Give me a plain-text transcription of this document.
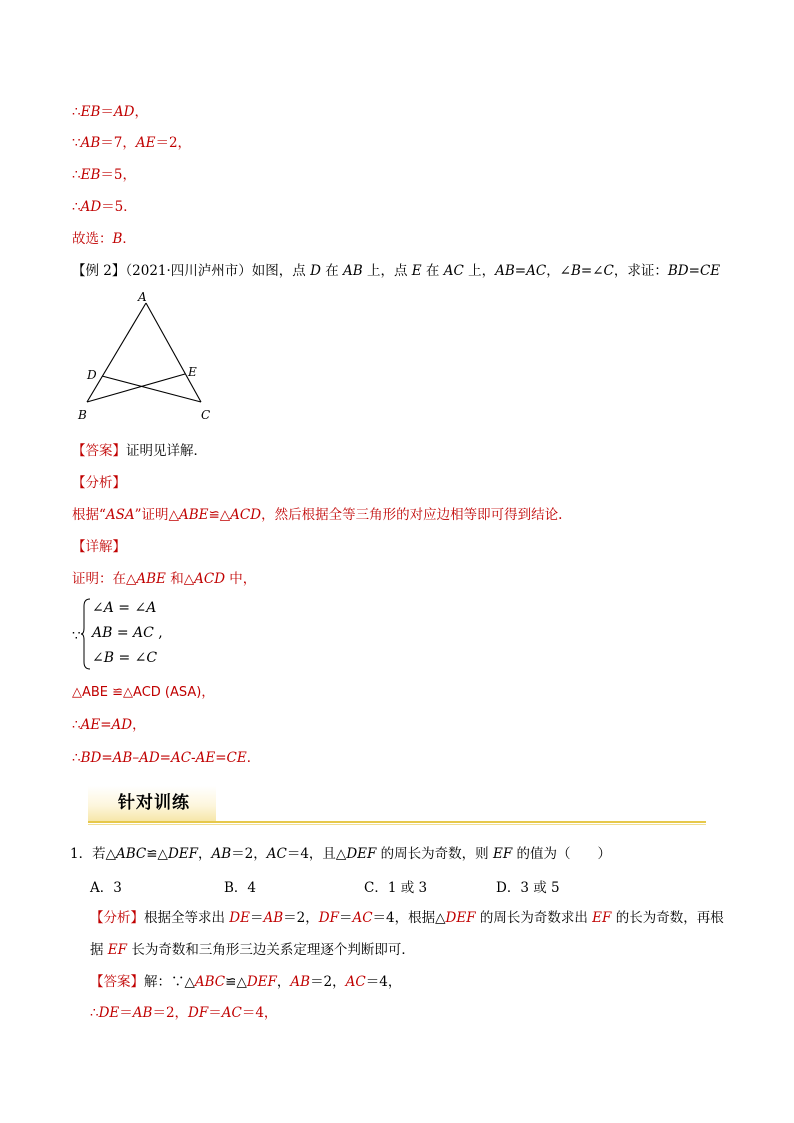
∴EB＝AD，
∵AB＝7，AE＝2，
∴EB＝5，
∴AD＝5．
故选：B．
【例 2】（2021·四川泸州市）如图，点 D 在 AB 上，点 E 在 AC 上，AB=AC，∠B=∠C，求证：BD=CE
A
B	C
D	E
【答案】证明见详解．
【分析】
根据“ASA”证明△ABE≌△ACD，然后根据全等三角形的对应边相等即可得到结论.
【详解】
证明：在△ABE 和△ACD 中，
∵
∠A = ∠A
AB = AC ,
∠B = ∠C
△ABE ≌△ACD (ASA)，
∴AE=AD，
∴BD=AB–AD=AC-AE=CE．
针对训练
1．若△ABC≌△DEF，AB＝2，AC＝4，且△DEF 的周长为奇数，则 EF 的值为（　　）
A．3	B．4	C．1 或 3	D．3 或 5
【分析】根据全等求出 DE＝AB＝2，DF＝AC＝4，根据△DEF 的周长为奇数求出 EF 的长为奇数，再根
据 EF 长为奇数和三角形三边关系定理逐个判断即可．
【答案】解：∵△ABC≌△DEF，AB＝2，AC＝4，
∴DE＝AB＝2，DF＝AC＝4，
